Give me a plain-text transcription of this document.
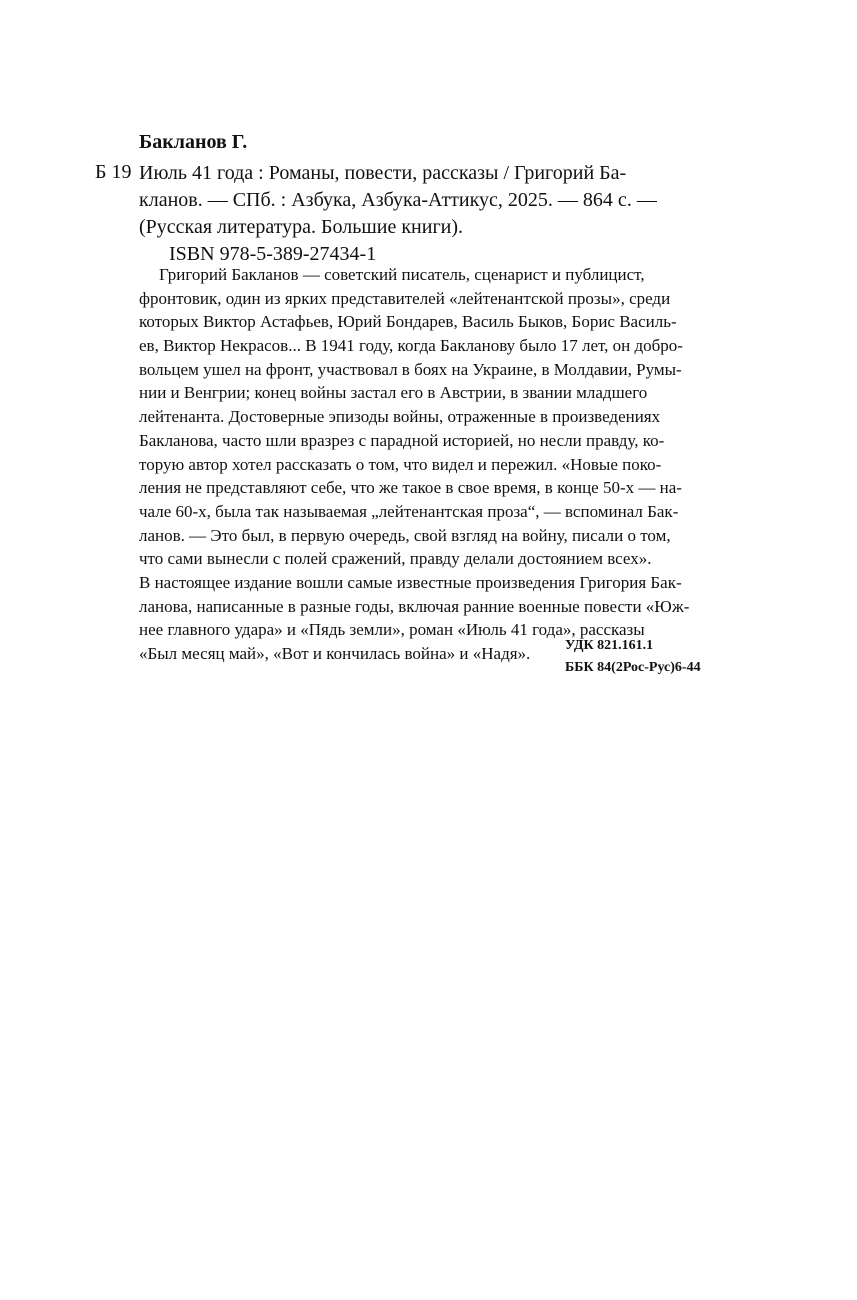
Бакланов Г.
Б 19 Июль 41 года : Романы, повести, рассказы / Григорий Ба-
кланов. — СПб. : Азбука, Азбука-Аттикус, 2025. — 864 с. —
(Русская литература. Большие книги).
ISBN 978-5-389-27434-1
Григорий Бакланов — советский писатель, сценарист и публицист,
фронтовик, один из ярких представителей «лейтенантской прозы», среди
которых Виктор Астафьев, Юрий Бондарев, Василь Быков, Борис Василь-
ев, Виктор Некрасов... В 1941 году, когда Бакланову было 17 лет, он добро-
вольцем ушел на фронт, участвовал в боях на Украине, в Молдавии, Румы-
нии и Венгрии; конец войны застал его в Австрии, в звании младшего
лейтенанта. Достоверные эпизоды войны, отраженные в произведениях
Бакланова, часто шли вразрез с парадной историей, но несли правду, ко-
торую автор хотел рассказать о том, что видел и пережил. «Новые поко-
ления не представляют себе, что же такое в свое время, в конце 50-х — на-
чале 60-х, была так называемая „лейтенантская проза“, — вспоминал Бак-
ланов. — Это был, в первую очередь, свой взгляд на войну, писали о том,
что сами вынесли с полей сражений, правду делали достоянием всех».
В настоящее издание вошли самые известные произведения Григория Бак-
ланова, написанные в разные годы, включая ранние военные повести «Юж-
нее главного удара» и «Пядь земли», роман «Июль 41 года», рассказы
«Был месяц май», «Вот и кончилась война» и «Надя».	УДК 821.161.1
ББК 84(2Рос-Рус)6-44
